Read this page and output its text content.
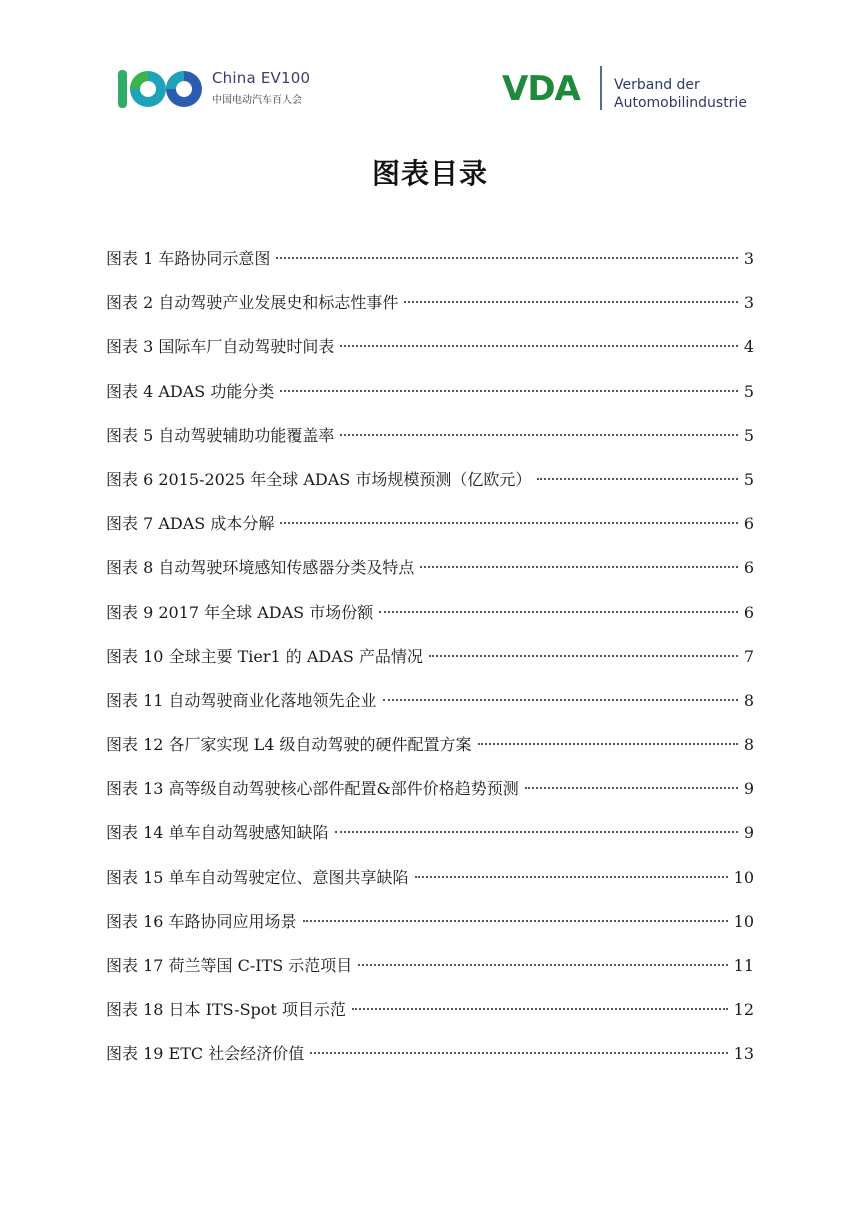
China EV100
中国电动汽车百人会	VDA Verband der
Automobilindustrie
图表目录
图表 1 车路协同示意图	3
图表 2 自动驾驶产业发展史和标志性事件	3
图表 3 国际车厂自动驾驶时间表	4
图表 4 ADAS 功能分类	5
图表 5 自动驾驶辅助功能覆盖率	5
图表 6 2015-2025 年全球 ADAS 市场规模预测（亿欧元）	5
图表 7 ADAS 成本分解	6
图表 8 自动驾驶环境感知传感器分类及特点	6
图表 9 2017 年全球 ADAS 市场份额	6
图表 10 全球主要 Tier1 的 ADAS 产品情况	7
图表 11 自动驾驶商业化落地领先企业	8
图表 12 各厂家实现 L4 级自动驾驶的硬件配置方案	8
图表 13 高等级自动驾驶核心部件配置&部件价格趋势预测	9
图表 14 单车自动驾驶感知缺陷	9
图表 15 单车自动驾驶定位、意图共享缺陷	10
图表 16 车路协同应用场景	10
图表 17 荷兰等国 C-ITS 示范项目	11
图表 18 日本 ITS-Spot 项目示范	12
图表 19 ETC 社会经济价值	13
